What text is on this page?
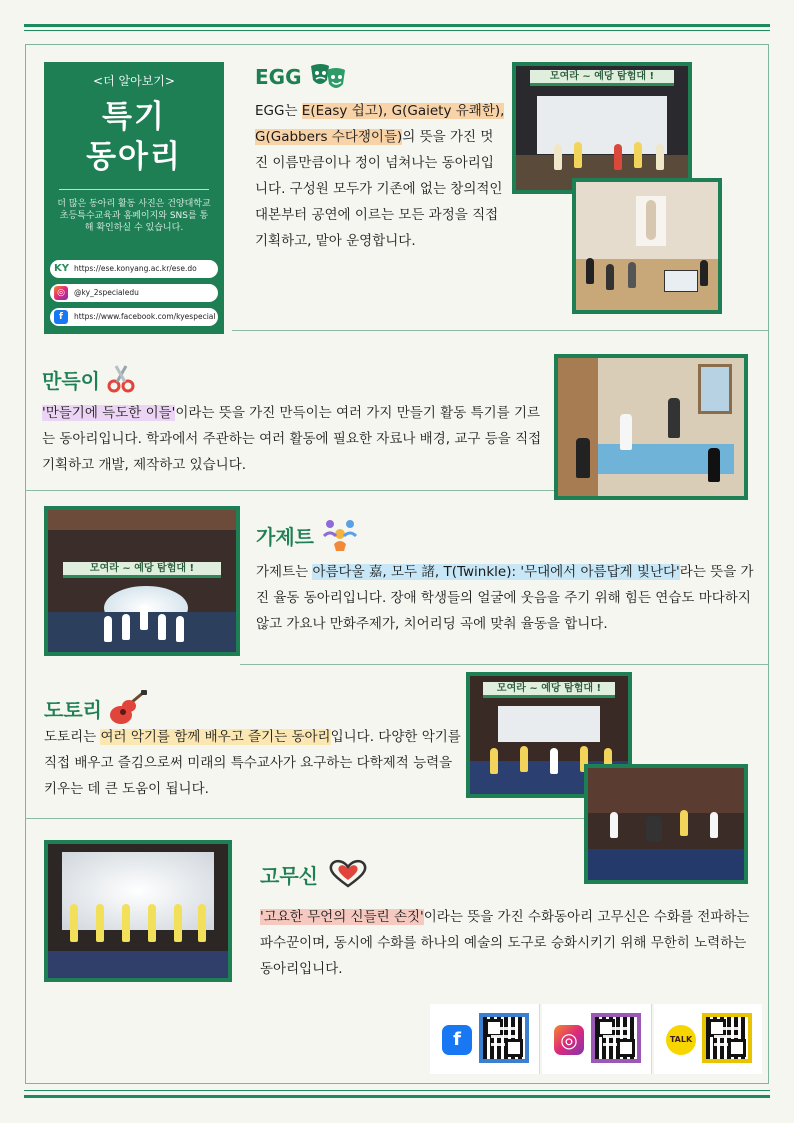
<더 알아보기>
특기
동아리
더 많은 동아리 활동 사진은 건양대학교 초등특수교육과 홈페이지와 SNS를 통해 확인하실 수 있습니다.
KY https://ese.konyang.ac.kr/ese.do
◎	@ky_2specialedu
f	https://www.facebook.com/kyespecial
EGG
EGG는 E(Easy 쉽고), G(Gaiety 유쾌한), G(Gabbers 수다쟁이들)의 뜻을 가진 멋진 이름만큼이나 정이 넘쳐나는 동아리입니다. 구성원 모두가 기존에 없는 창의적인 대본부터 공연에 이르는 모든 과정을 직접 기획하고, 맡아 운영합니다.
모여라 ~ 예당 탐험대 !
만득이
'만들기에 득도한 이들'이라는 뜻을 가진 만득이는 여러 가지 만들기 활동 특기를 기르는 동아리입니다. 학과에서 주관하는 여러 활동에 필요한 자료나 배경, 교구 등을 직접 기획하고 개발, 제작하고 있습니다.
모여라 ~ 예당 탐험대 !
가제트
가제트는 아름다울 嘉, 모두 諸, T(Twinkle): '무대에서 아름답게 빛난다'라는 뜻을 가진 율동 동아리입니다. 장애 학생들의 얼굴에 웃음을 주기 위해 힘든 연습도 마다하지 않고 가요나 만화주제가, 치어리딩 곡에 맞춰 율동을 합니다.
도토리
도토리는 여러 악기를 함께 배우고 즐기는 동아리입니다. 다양한 악기를 직접 배우고 즐김으로써 미래의 특수교사가 요구하는 다학제적 능력을 키우는 데 큰 도움이 됩니다.
모여라 ~ 예당 탐험대 !
고무신
'고요한 무언의 신들린 손짓'이라는 뜻을 가진 수화동아리 고무신은 수화를 전파하는 파수꾼이며, 동시에 수화를 하나의 예술의 도구로 승화시키기 위해 무한히 노력하는 동아리입니다.
f	◎	TALK
